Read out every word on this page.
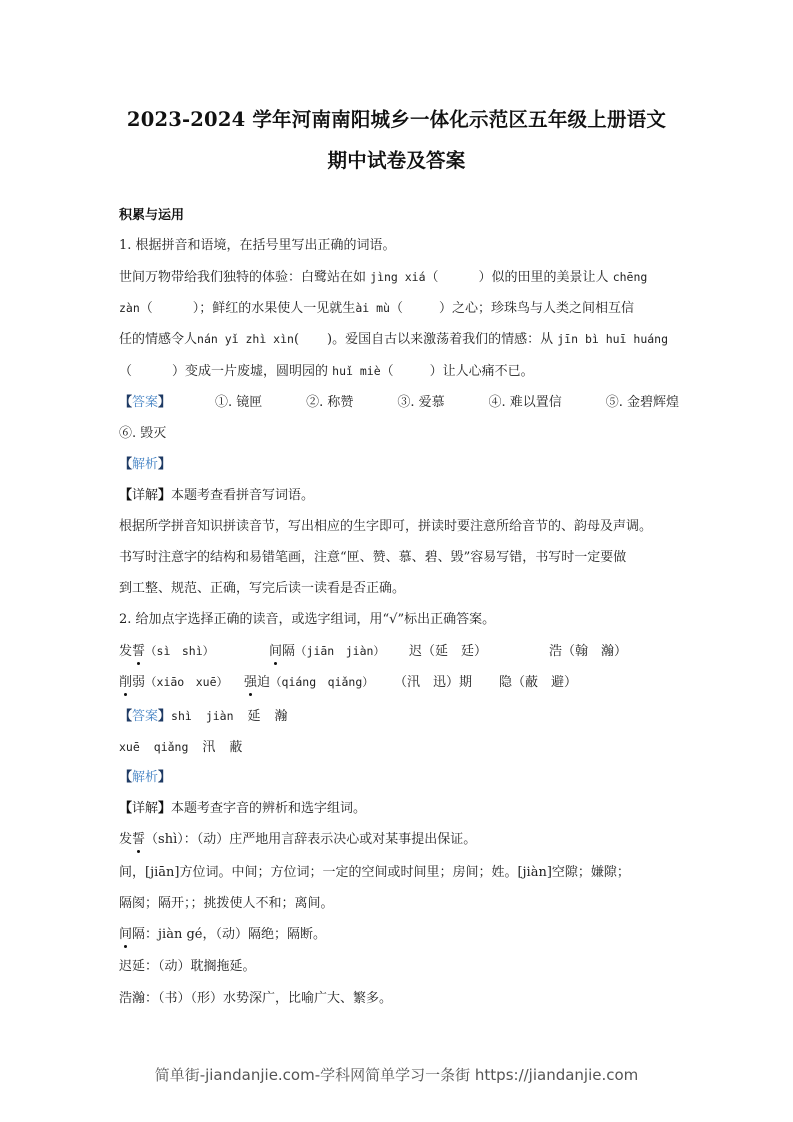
2023-2024 学年河南南阳城乡一体化示范区五年级上册语文
期中试卷及答案
积累与运用
1. 根据拼音和语境，在括号里写出正确的词语。
世间万物带给我们独特的体验：白鹭站在如 jìng xiá（	）似的田里的美景让人 chēng
zàn（	）；鲜红的水果使人一见就生ài mù（	）之心；珍珠鸟与人类之间相互信
任的情感令人nán yǐ zhì xìn( )。爱国自古以来激荡着我们的情感：从 jīn bì huī huáng
（	）变成一片废墟，圆明园的 huǐ miè（	）让人心痛不已。
【答案】	①. 镜匣	②. 称赞	③. 爱慕	④. 难以置信	⑤. 金碧辉煌
⑥. 毁灭
【解析】
【详解】本题考查看拼音写词语。
根据所学拼音知识拼读音节，写出相应的生字即可，拼读时要注意所给音节的、韵母及声调。
书写时注意字的结构和易错笔画，注意“匣、赞、慕、碧、毁”容易写错，书写时一定要做
到工整、规范、正确，写完后读一读看是否正确。
2. 给加点字选择正确的读音，或选字组词，用“√”标出正确答案。
发誓（sì　shì）	间隔（jiān　jiàn） 迟（延　廷）	浩（翰　瀚）
削弱（xiāo　xuē） 强迫（qiáng　qiǎng） （汛　迅）期 隐（蔽　避）
【答案】shì jiàn 延 瀚
xuē qiǎng 汛 蔽
【解析】
【详解】本题考查字音的辨析和选字组词。
发誓（shì）：（动）庄严地用言辞表示决心或对某事提出保证。
间，[jiān]方位词。中间；方位词；一定的空间或时间里；房间；姓。[jiàn]空隙；嫌隙；
隔阂；隔开；；挑拨使人不和；离间。
间隔：jiàn gé，（动）隔绝；隔断。
迟延：（动）耽搁拖延。
浩瀚：（书）（形）水势深广，比喻广大、繁多。
简单街-jiandanjie.com-学科网简单学习一条街 https://jiandanjie.com
